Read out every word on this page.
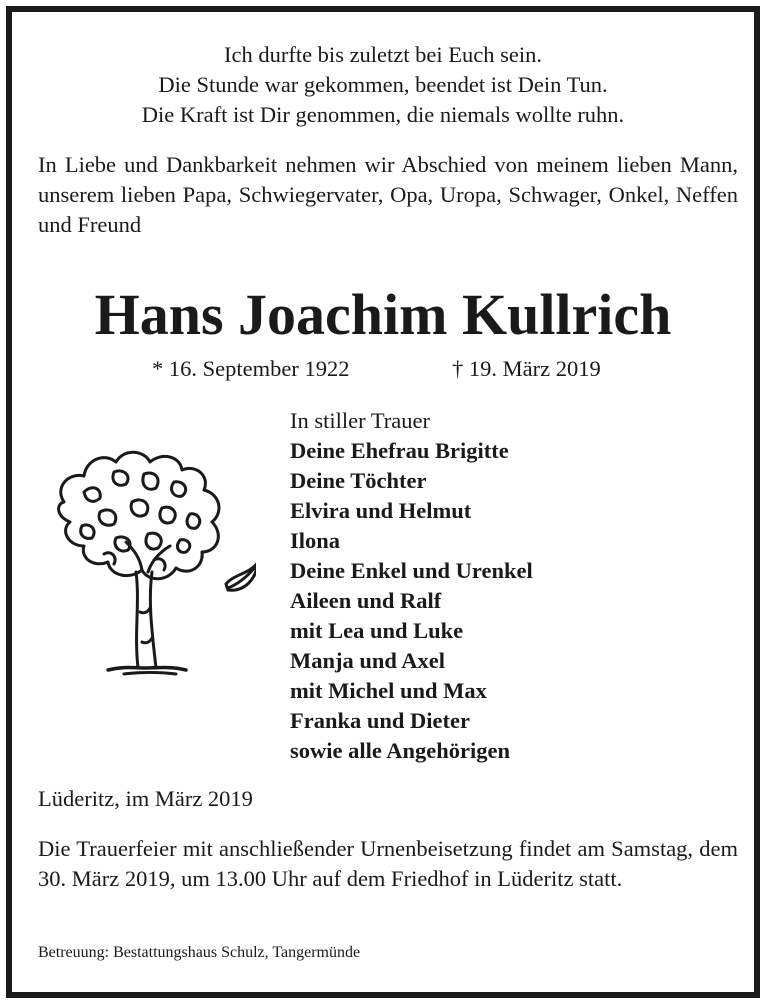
Ich durfte bis zuletzt bei Euch sein.
Die Stunde war gekommen, beendet ist Dein Tun.
Die Kraft ist Dir genommen, die niemals wollte ruhn.
In Liebe und Dankbarkeit nehmen wir Abschied von meinem lieben Mann, unserem lieben Papa, Schwiegervater, Opa, Uropa, Schwager, Onkel, Neffen und Freund
Hans Joachim Kullrich
* 16. September 1922	† 19. März 2019
In stiller Trauer
Deine Ehefrau Brigitte
Deine Töchter
Elvira und Helmut
Ilona
Deine Enkel und Urenkel
Aileen und Ralf
mit Lea und Luke
Manja und Axel
mit Michel und Max
Franka und Dieter
sowie alle Angehörigen
Lüderitz, im März 2019
Die Trauerfeier mit anschließender Urnenbeisetzung findet am Samstag, dem 30. März 2019, um 13.00 Uhr auf dem Friedhof in Lüderitz statt.
Betreuung: Bestattungshaus Schulz, Tangermünde
